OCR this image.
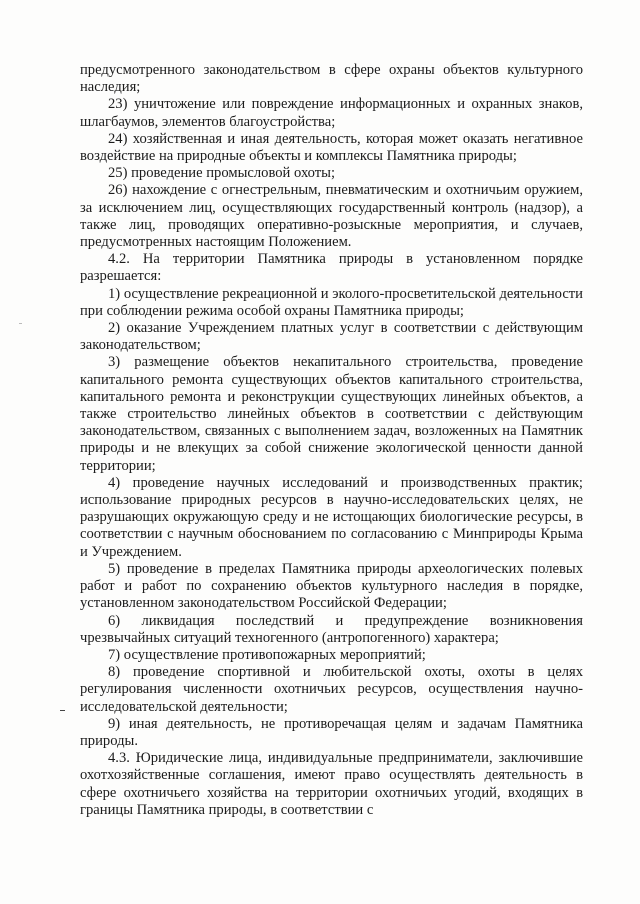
предусмотренного законодательством в сфере охраны объектов культурного наследия;

23) уничтожение или повреждение информационных и охранных знаков, шлагбаумов, элементов благоустройства;

24) хозяйственная и иная деятельность, которая может оказать негативное воздействие на природные объекты и комплексы Памятника природы;

25) проведение промысловой охоты;

26) нахождение с огнестрельным, пневматическим и охотничьим оружием, за исключением лиц, осуществляющих государственный контроль (надзор), а также лиц, проводящих оперативно-розыскные мероприятия, и случаев, предусмотренных настоящим Положением.

4.2. На территории Памятника природы в установленном порядке разрешается:

1) осуществление рекреационной и эколого-просветительской деятельности при соблюдении режима особой охраны Памятника природы;

2) оказание Учреждением платных услуг в соответствии с действующим законодательством;

3) размещение объектов некапитального строительства, проведение капитального ремонта существующих объектов капитального строительства, капитального ремонта и реконструкции существующих линейных объектов, а также строительство линейных объектов в соответствии с действующим законодательством, связанных с выполнением задач, возложенных на Памятник природы и не влекущих за собой снижение экологической ценности данной территории;

4) проведение научных исследований и производственных практик; использование природных ресурсов в научно-исследовательских целях, не разрушающих окружающую среду и не истощающих биологические ресурсы, в соответствии с научным обоснованием по согласованию с Минприроды Крыма и Учреждением.

5) проведение в пределах Памятника природы археологических полевых работ и работ по сохранению объектов культурного наследия в порядке, установленном законодательством Российской Федерации;

6) ликвидация последствий и предупреждение возникновения чрезвычайных ситуаций техногенного (антропогенного) характера;

7) осуществление противопожарных мероприятий;

8) проведение спортивной и любительской охоты, охоты в целях регулирования численности охотничьих ресурсов, осуществления научно-исследовательской деятельности;

9) иная деятельность, не противоречащая целям и задачам Памятника природы.

4.3. Юридические лица, индивидуальные предприниматели, заключившие охотхозяйственные соглашения, имеют право осуществлять деятельность в сфере охотничьего хозяйства на территории охотничьих угодий, входящих в границы Памятника природы, в соответствии с
